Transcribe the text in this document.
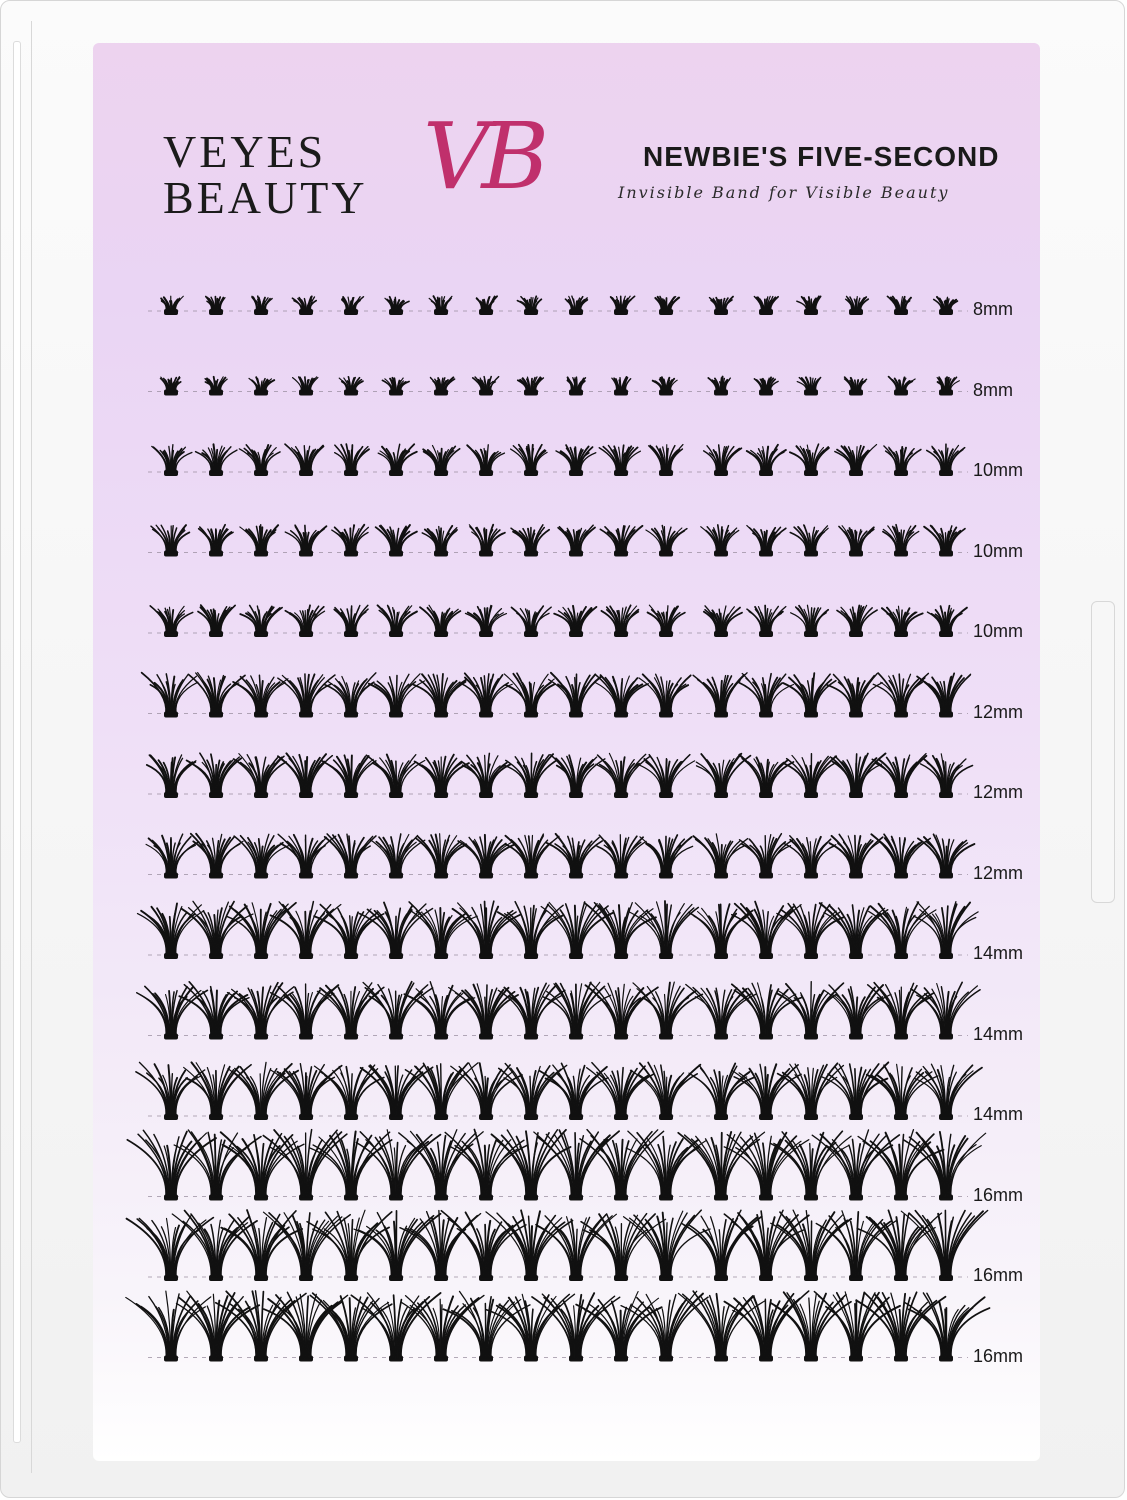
VEYES
BEAUTY VB	NEWBIE'S FIVE-SECOND
Invisible Band for Visible Beauty
8mm
8mm
10mm
10mm
10mm
12mm
12mm
12mm
14mm
14mm
14mm
16mm
16mm
16mm
